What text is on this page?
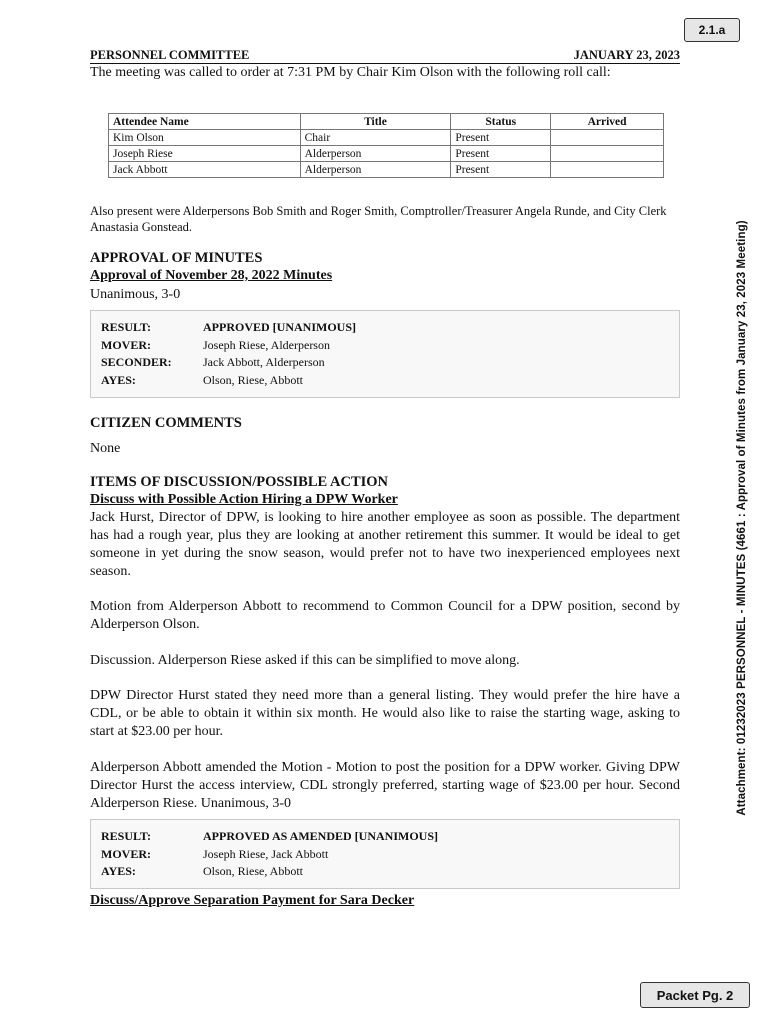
2.1.a
Attachment: 01232023 PERSONNEL - MINUTES (4661 : Approval of Minutes from January 23, 2023 Meeting)
PERSONNEL COMMITTEE	JANUARY 23, 2023
The meeting was called to order at 7:31 PM by Chair Kim Olson with the following roll call:
Attendee Name	Title	Status	Arrived
Kim Olson	Chair	Present	
Joseph Riese	Alderperson	Present	
Jack Abbott	Alderperson	Present	
Also present were Alderpersons Bob Smith and Roger Smith, Comptroller/Treasurer Angela Runde, and City Clerk Anastasia Gonstead.
APPROVAL OF MINUTES
Approval of November 28, 2022 Minutes
Unanimous, 3-0
RESULT:	APPROVED [UNANIMOUS]
MOVER:	Joseph Riese, Alderperson
SECONDER:	Jack Abbott, Alderperson
AYES:	Olson, Riese, Abbott
CITIZEN COMMENTS
None
ITEMS OF DISCUSSION/POSSIBLE ACTION
Discuss with Possible Action Hiring a DPW Worker
Jack Hurst, Director of DPW, is looking to hire another employee as soon as possible. The department has had a rough year, plus they are looking at another retirement this summer. It would be ideal to get someone in yet during the snow season, would prefer not to have two inexperienced employees next season.
Motion from Alderperson Abbott to recommend to Common Council for a DPW position, second by Alderperson Olson.
Discussion. Alderperson Riese asked if this can be simplified to move along.
DPW Director Hurst stated they need more than a general listing. They would prefer the hire have a CDL, or be able to obtain it within six month. He would also like to raise the starting wage, asking to start at $23.00 per hour.
Alderperson Abbott amended the Motion - Motion to post the position for a DPW worker. Giving DPW Director Hurst the access interview, CDL strongly preferred, starting wage of $23.00 per hour. Second Alderperson Riese. Unanimous, 3-0
RESULT:	APPROVED AS AMENDED [UNANIMOUS]
MOVER:	Joseph Riese, Jack Abbott
AYES:	Olson, Riese, Abbott
Discuss/Approve Separation Payment for Sara Decker
Packet Pg. 2
